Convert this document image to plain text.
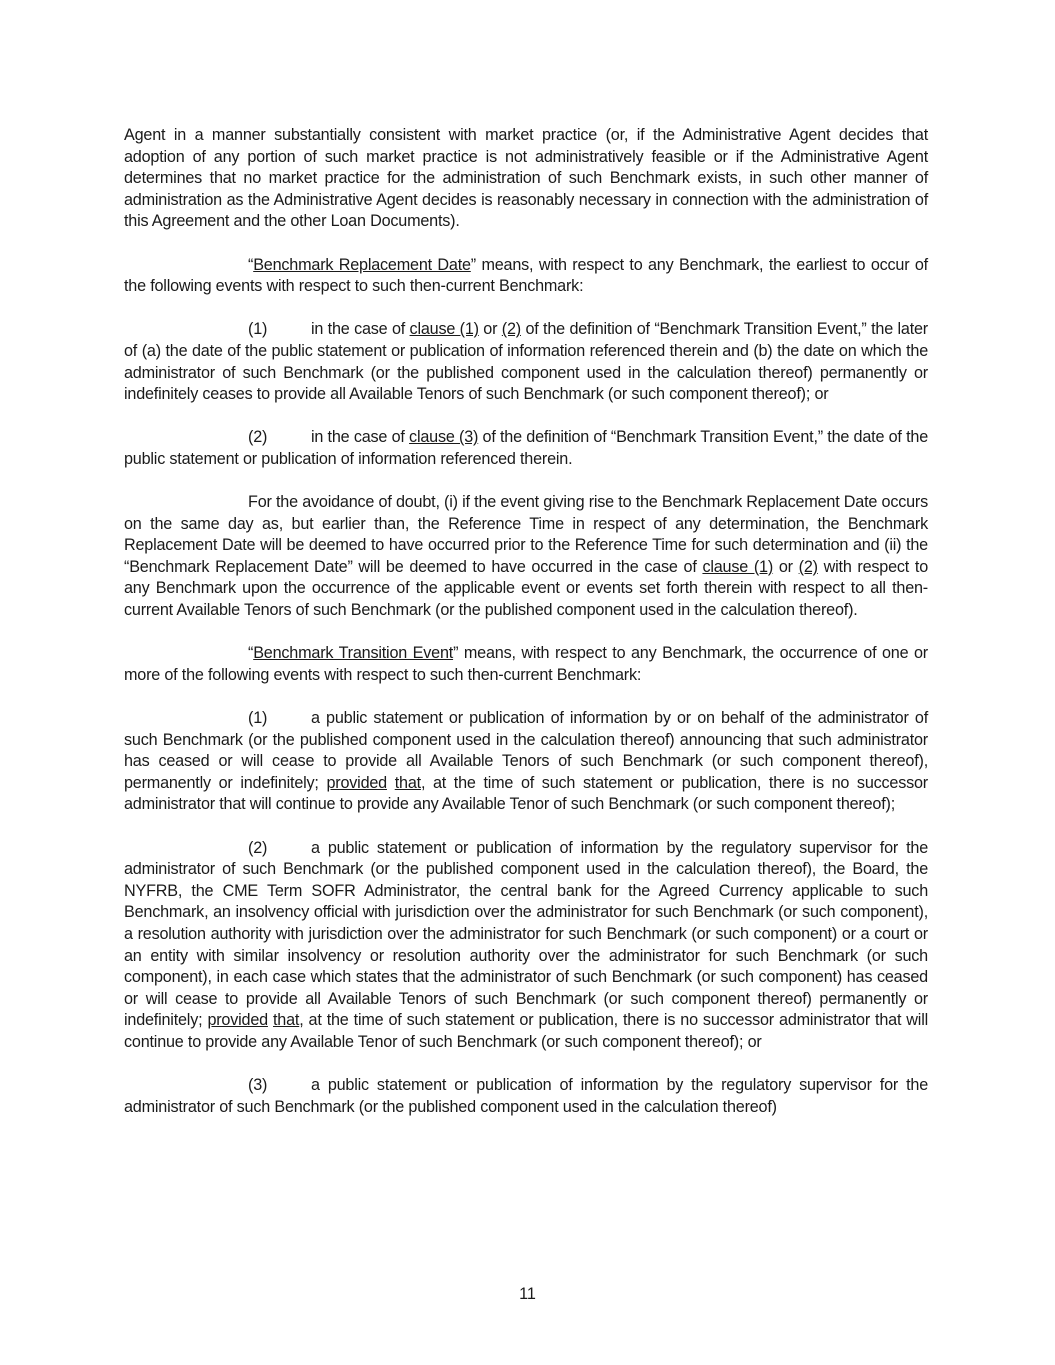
Agent in a manner substantially consistent with market practice (or, if the Administrative Agent decides that adoption of any portion of such market practice is not administratively feasible or if the Administrative Agent determines that no market practice for the administration of such Benchmark exists, in such other manner of administration as the Administrative Agent decides is reasonably necessary in connection with the administration of this Agreement and the other Loan Documents).

“Benchmark Replacement Date” means, with respect to any Benchmark, the earliest to occur of the following events with respect to such then-current Benchmark:

(1)	in the case of clause (1) or (2) of the definition of “Benchmark Transition Event,” the later of (a) the date of the public statement or publication of information referenced therein and (b) the date on which the administrator of such Benchmark (or the published component used in the calculation thereof) permanently or indefinitely ceases to provide all Available Tenors of such Benchmark (or such component thereof); or

(2)	in the case of clause (3) of the definition of “Benchmark Transition Event,” the date of the public statement or publication of information referenced therein.

For the avoidance of doubt, (i) if the event giving rise to the Benchmark Replacement Date occurs on the same day as, but earlier than, the Reference Time in respect of any determination, the Benchmark Replacement Date will be deemed to have occurred prior to the Reference Time for such determination and (ii) the “Benchmark Replacement Date” will be deemed to have occurred in the case of clause (1) or (2) with respect to any Benchmark upon the occurrence of the applicable event or events set forth therein with respect to all then-current Available Tenors of such Benchmark (or the published component used in the calculation thereof).

“Benchmark Transition Event” means, with respect to any Benchmark, the occurrence of one or more of the following events with respect to such then-current Benchmark:

(1)	a public statement or publication of information by or on behalf of the administrator of such Benchmark (or the published component used in the calculation thereof) announcing that such administrator has ceased or will cease to provide all Available Tenors of such Benchmark (or such component thereof), permanently or indefinitely; provided that, at the time of such statement or publication, there is no successor administrator that will continue to provide any Available Tenor of such Benchmark (or such component thereof);

(2)	a public statement or publication of information by the regulatory supervisor for the administrator of such Benchmark (or the published component used in the calculation thereof), the Board, the NYFRB, the CME Term SOFR Administrator, the central bank for the Agreed Currency applicable to such Benchmark, an insolvency official with jurisdiction over the administrator for such Benchmark (or such component), a resolution authority with jurisdiction over the administrator for such Benchmark (or such component) or a court or an entity with similar insolvency or resolution authority over the administrator for such Benchmark (or such component), in each case which states that the administrator of such Benchmark (or such component) has ceased or will cease to provide all Available Tenors of such Benchmark (or such component thereof) permanently or indefinitely; provided that, at the time of such statement or publication, there is no successor administrator that will continue to provide any Available Tenor of such Benchmark (or such component thereof); or

(3)	a public statement or publication of information by the regulatory supervisor for the administrator of such Benchmark (or the published component used in the calculation thereof)

11
